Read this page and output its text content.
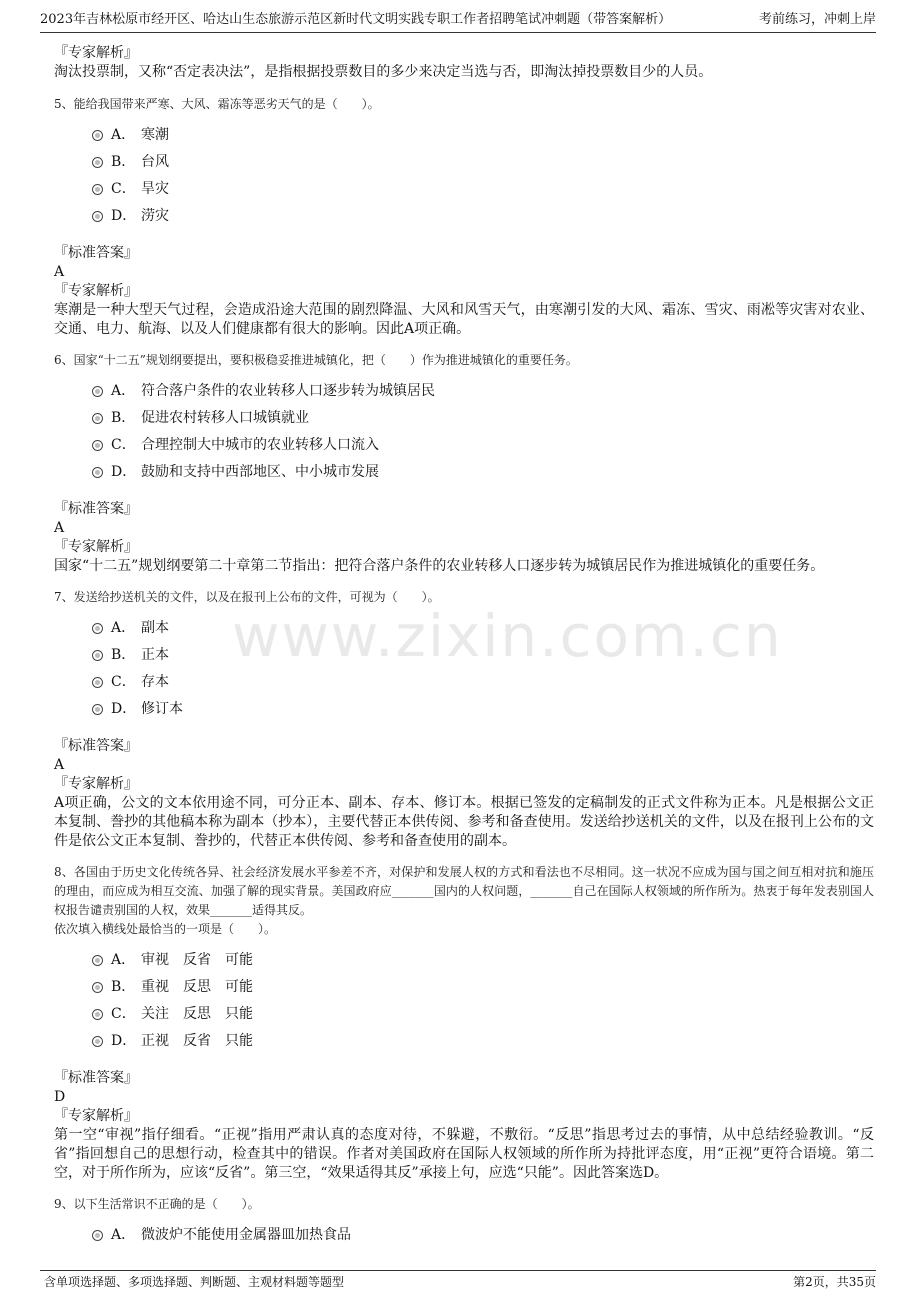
2023年吉林松原市经开区、哈达山生态旅游示范区新时代文明实践专职工作者招聘笔试冲刺题（带答案解析）	考前练习，冲刺上岸
www.zixin.com.cn
『专家解析』
淘汰投票制，又称“否定表决法”，是指根据投票数目的多少来决定当选与否，即淘汰掉投票数目少的人员。
5、能给我国带来严寒、大风、霜冻等恶劣天气的是（　　）。
A． 寒潮
B． 台风
C． 旱灾
D． 涝灾
『标准答案』
A
『专家解析』
寒潮是一种大型天气过程，会造成沿途大范围的剧烈降温、大风和风雪天气，由寒潮引发的大风、霜冻、雪灾、雨凇等灾害对农业、交通、电力、航海、以及人们健康都有很大的影响。因此A项正确。
6、国家“十二五”规划纲要提出，要积极稳妥推进城镇化，把（　　）作为推进城镇化的重要任务。
A． 符合落户条件的农业转移人口逐步转为城镇居民
B． 促进农村转移人口城镇就业
C． 合理控制大中城市的农业转移人口流入
D． 鼓励和支持中西部地区、中小城市发展
『标准答案』
A
『专家解析』
国家“十二五”规划纲要第二十章第二节指出：把符合落户条件的农业转移人口逐步转为城镇居民作为推进城镇化的重要任务。
7、发送给抄送机关的文件，以及在报刊上公布的文件，可视为（　　）。
A． 副本
B． 正本
C． 存本
D． 修订本
『标准答案』
A
『专家解析』
A项正确，公文的文本依用途不同，可分正本、副本、存本、修订本。根据已签发的定稿制发的正式文件称为正本。凡是根据公文正本复制、誊抄的其他稿本称为副本（抄本），主要代替正本供传阅、参考和备查使用。发送给抄送机关的文件，以及在报刊上公布的文件是依公文正本复制、誊抄的，代替正本供传阅、参考和备查使用的副本。
8、各国由于历史文化传统各异、社会经济发展水平参差不齐，对保护和发展人权的方式和看法也不尽相同。这一状况不应成为国与国之间互相对抗和施压的理由，而应成为相互交流、加强了解的现实背景。美国政府应_______国内的人权问题，_______自己在国际人权领域的所作所为。热衷于每年发表别国人权报告谴责别国的人权，效果_______适得其反。
依次填入横线处最恰当的一项是（　　）。
A． 审视　反省　可能
B． 重视　反思　可能
C． 关注　反思　只能
D． 正视　反省　只能
『标准答案』
D
『专家解析』
第一空“审视”指仔细看。“正视”指用严肃认真的态度对待，不躲避，不敷衍。“反思”指思考过去的事情，从中总结经验教训。“反省”指回想自己的思想行动，检查其中的错误。作者对美国政府在国际人权领域的所作所为持批评态度，用“正视”更符合语境。第二空，对于所作所为，应该“反省”。第三空，“效果适得其反”承接上句，应选“只能”。因此答案选D。
9、以下生活常识不正确的是（　　）。
A． 微波炉不能使用金属器皿加热食品
含单项选择题、多项选择题、判断题、主观材料题等题型	第2页，共35页
